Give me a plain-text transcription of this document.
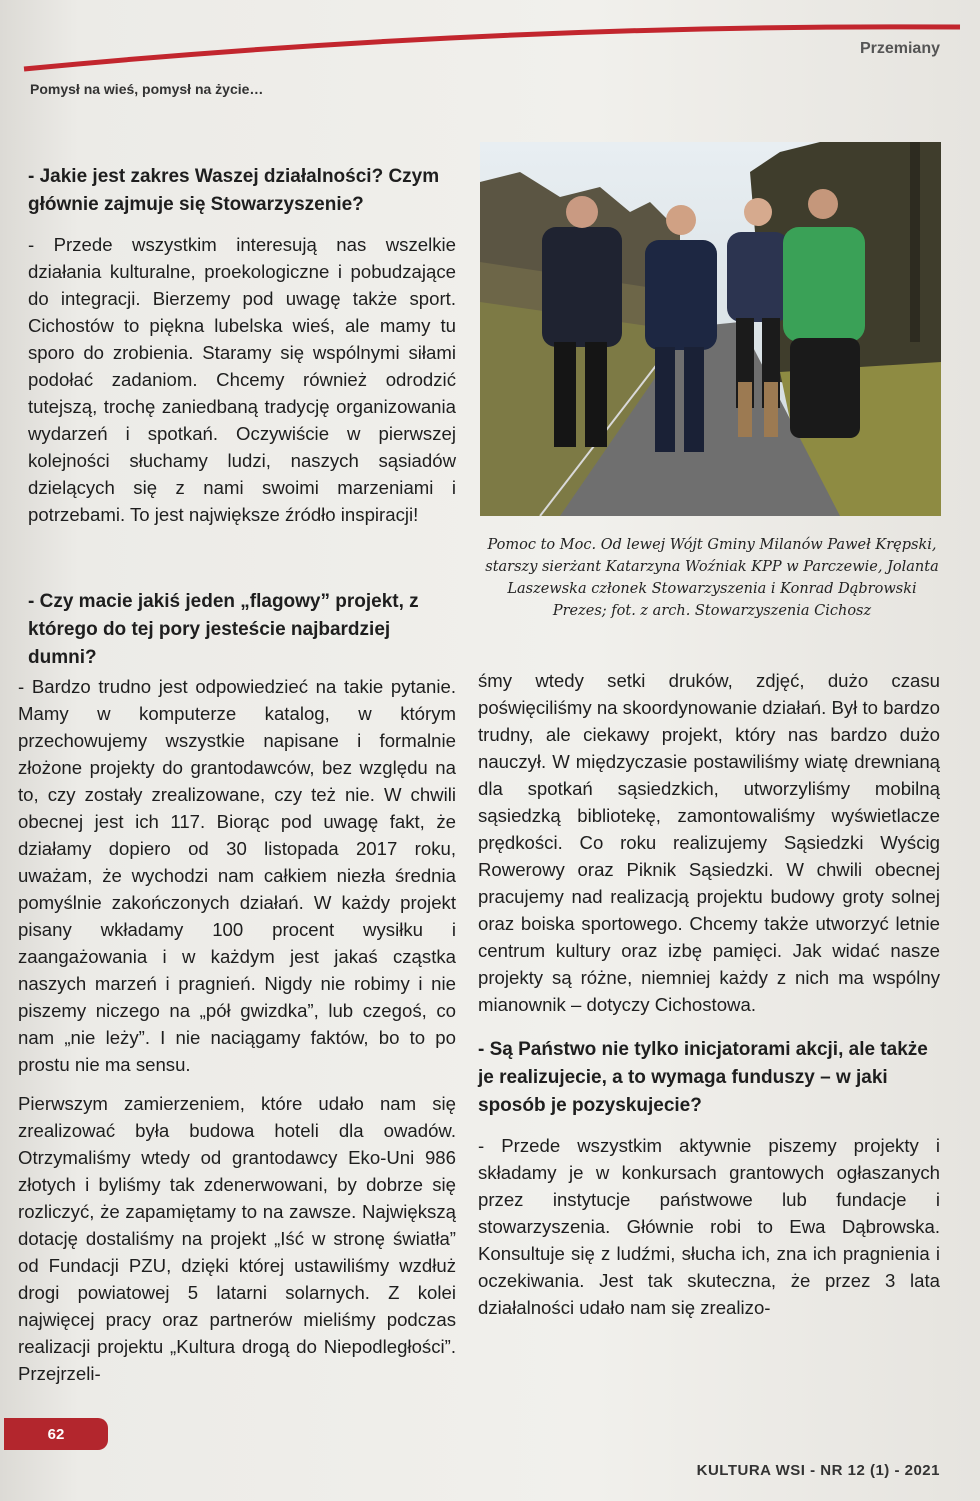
Przemiany
Pomysł na wieś, pomysł na życie…

- Jakie jest zakres Waszej działalności? Czym głównie zajmuje się Stowarzyszenie?

- Przede wszystkim interesują nas wszelkie działania kulturalne, proekologiczne i pobudzające do integracji. Bierzemy pod uwagę także sport. Cichostów to piękna lubelska wieś, ale mamy tu sporo do zrobienia. Staramy się wspólnymi siłami podołać zadaniom. Chcemy również odrodzić tutejszą, trochę zaniedbaną tradycję organizowania wydarzeń i spotkań. Oczywiście w pierwszej kolejności słuchamy ludzi, naszych sąsiadów dzielących się z nami swoimi marzeniami i potrzebami. To jest największe źródło inspiracji!

Pomoc to Moc. Od lewej Wójt Gminy Milanów Paweł Krępski, starszy sierżant Katarzyna Woźniak KPP w Parczewie, Jolanta Laszewska członek Stowarzyszenia i Konrad Dąbrowski Prezes; fot. z arch. Stowarzyszenia Cichosz

- Czy macie jakiś jeden „flagowy” projekt, z którego do tej pory jesteście najbardziej dumni?

- Bardzo trudno jest odpowiedzieć na takie pytanie. Mamy w komputerze katalog, w którym przechowujemy wszystkie napisane i formalnie złożone projekty do grantodawców, bez względu na to, czy zostały zrealizowane, czy też nie. W chwili obecnej jest ich 117. Biorąc pod uwagę fakt, że działamy dopiero od 30 listopada 2017 roku, uważam, że wychodzi nam całkiem niezła średnia pomyślnie zakończonych działań. W każdy projekt pisany wkładamy 100 procent wysiłku i zaangażowania i w każdym jest jakaś cząstka naszych marzeń i pragnień. Nigdy nie robimy i nie piszemy niczego na „pół gwizdka”, lub czegoś, co nam „nie leży”. I nie naciągamy faktów, bo to po prostu nie ma sensu.

Pierwszym zamierzeniem, które udało nam się zrealizować była budowa hoteli dla owadów. Otrzymaliśmy wtedy od grantodawcy Eko-Uni 986 złotych i byliśmy tak zdenerwowani, by dobrze się rozliczyć, że zapamiętamy to na zawsze. Największą dotację dostaliśmy na projekt „Iść w stronę światła” od Fundacji PZU, dzięki której ustawiliśmy wzdłuż drogi powiatowej 5 latarni solarnych. Z kolei najwięcej pracy oraz partnerów mieliśmy podczas realizacji projektu „Kultura drogą do Niepodległości”. Przejrzeli-

śmy wtedy setki druków, zdjęć, dużo czasu poświęciliśmy na skoordynowanie działań. Był to bardzo trudny, ale ciekawy projekt, który nas bardzo dużo nauczył. W międzyczasie postawiliśmy wiatę drewnianą dla spotkań sąsiedzkich, utworzyliśmy mobilną sąsiedzką bibliotekę, zamontowaliśmy wyświetlacze prędkości. Co roku realizujemy Sąsiedzki Wyścig Rowerowy oraz Piknik Sąsiedzki. W chwili obecnej pracujemy nad realizacją projektu budowy groty solnej oraz boiska sportowego. Chcemy także utworzyć letnie centrum kultury oraz izbę pamięci. Jak widać nasze projekty są różne, niemniej każdy z nich ma wspólny mianownik – dotyczy Cichostowa.

- Są Państwo nie tylko inicjatorami akcji, ale także je realizujecie, a to wymaga funduszy – w jaki sposób je pozyskujecie?

- Przede wszystkim aktywnie piszemy projekty i składamy je w konkursach grantowych ogłaszanych przez instytucje państwowe lub fundacje i stowarzyszenia. Głównie robi to Ewa Dąbrowska. Konsultuje się z ludźmi, słucha ich, zna ich pragnienia i oczekiwania. Jest tak skuteczna, że przez 3 lata działalności udało nam się zrealizo-

62
KULTURA WSI - NR 12 (1) - 2021
